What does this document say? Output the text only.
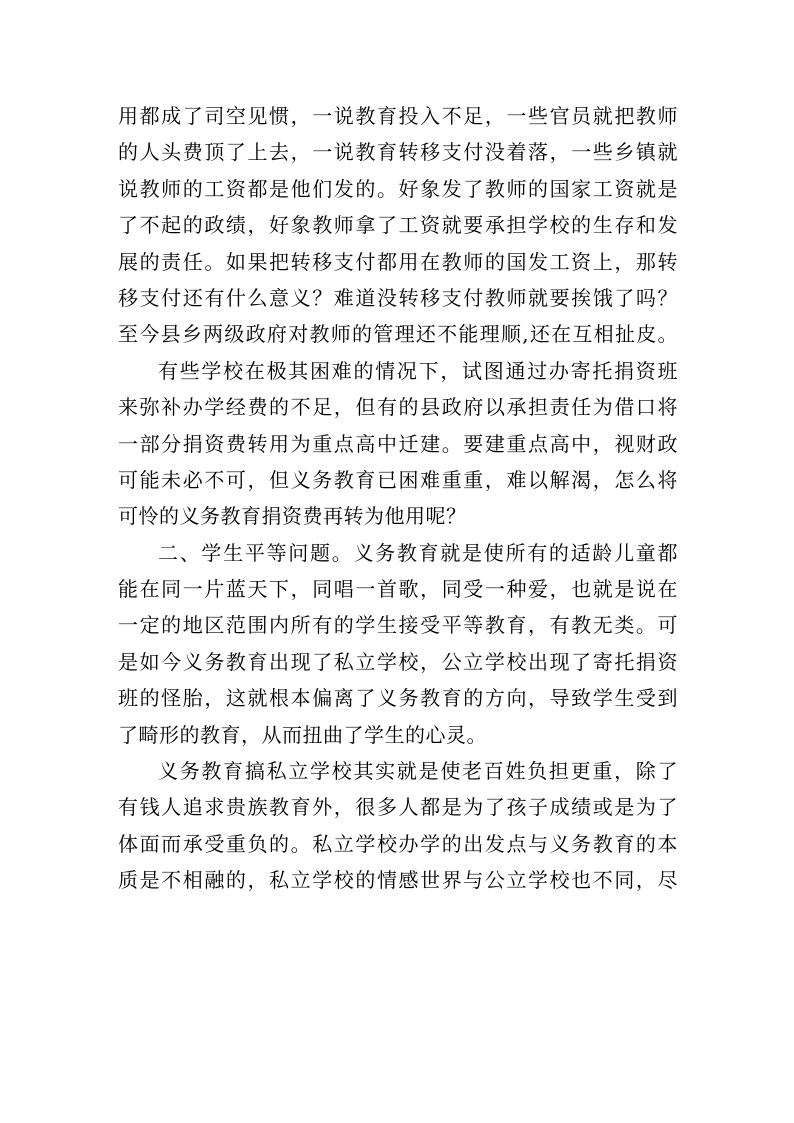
用都成了司空见惯，一说教育投入不足，一些官员就把教师
的人头费顶了上去，一说教育转移支付没着落，一些乡镇就
说教师的工资都是他们发的。好象发了教师的国家工资就是
了不起的政绩，好象教师拿了工资就要承担学校的生存和发
展的责任。如果把转移支付都用在教师的国发工资上，那转
移支付还有什么意义？难道没转移支付教师就要挨饿了吗？
至今县乡两级政府对教师的管理还不能理顺,还在互相扯皮。
有些学校在极其困难的情况下，试图通过办寄托捐资班
来弥补办学经费的不足，但有的县政府以承担责任为借口将
一部分捐资费转用为重点高中迁建。要建重点高中，视财政
可能未必不可，但义务教育已困难重重，难以解渴，怎么将
可怜的义务教育捐资费再转为他用呢？
二、学生平等问题。义务教育就是使所有的适龄儿童都
能在同一片蓝天下，同唱一首歌，同受一种爱，也就是说在
一定的地区范围内所有的学生接受平等教育，有教无类。可
是如今义务教育出现了私立学校，公立学校出现了寄托捐资
班的怪胎，这就根本偏离了义务教育的方向，导致学生受到
了畸形的教育，从而扭曲了学生的心灵。
义务教育搞私立学校其实就是使老百姓负担更重，除了
有钱人追求贵族教育外，很多人都是为了孩子成绩或是为了
体面而承受重负的。私立学校办学的出发点与义务教育的本
质是不相融的，私立学校的情感世界与公立学校也不同，尽
